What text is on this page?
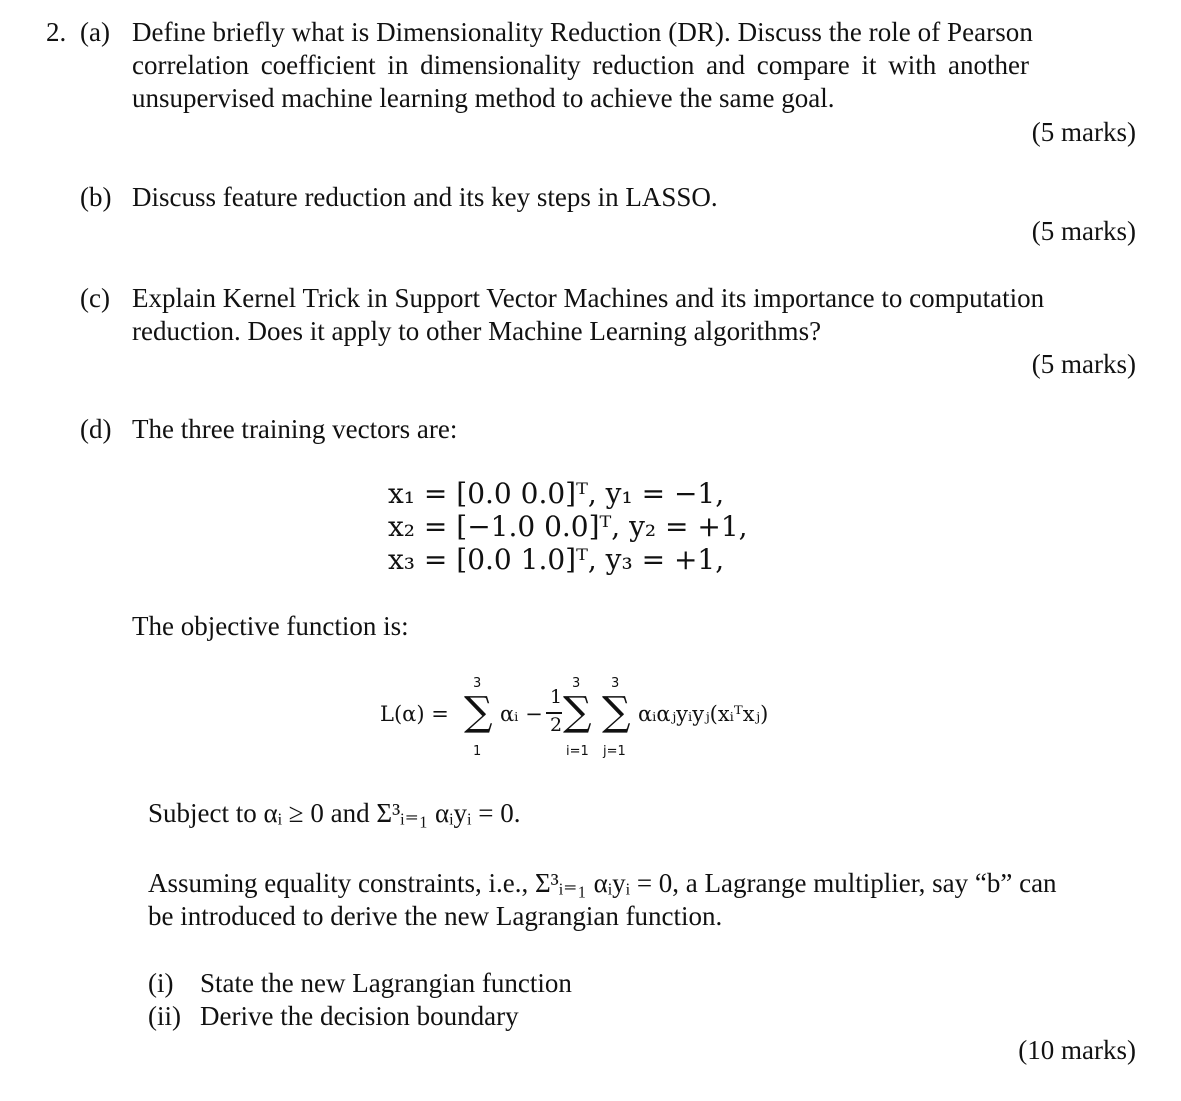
2. (a) Define briefly what is Dimensionality Reduction (DR). Discuss the role of Pearson
correlation coefficient in dimensionality reduction and compare it with another
unsupervised machine learning method to achieve the same goal.
(5 marks)
(b) Discuss feature reduction and its key steps in LASSO.
(5 marks)
(c) Explain Kernel Trick in Support Vector Machines and its importance to computation
reduction. Does it apply to other Machine Learning algorithms?
(5 marks)
(d) The three training vectors are:
x₁ = [0.0 0.0]ᵀ, y₁ = −1,
x₂ = [−1.0 0.0]ᵀ, y₂ = +1,
x₃ = [0.0 1.0]ᵀ, y₃ = +1,
The objective function is:
L(α) =
3
∑
1
αᵢ −
1
2
3
∑
i=1
3
∑
j=1
αᵢαⱼyᵢyⱼ(xᵢᵀxⱼ)
Subject to αᵢ ≥ 0 and Σ³ᵢ₌₁ αᵢyᵢ = 0.
Assuming equality constraints, i.e., Σ³ᵢ₌₁ αᵢyᵢ = 0, a Lagrange multiplier, say “b” can
be introduced to derive the new Lagrangian function.
(i) State the new Lagrangian function
(ii) Derive the decision boundary
(10 marks)
